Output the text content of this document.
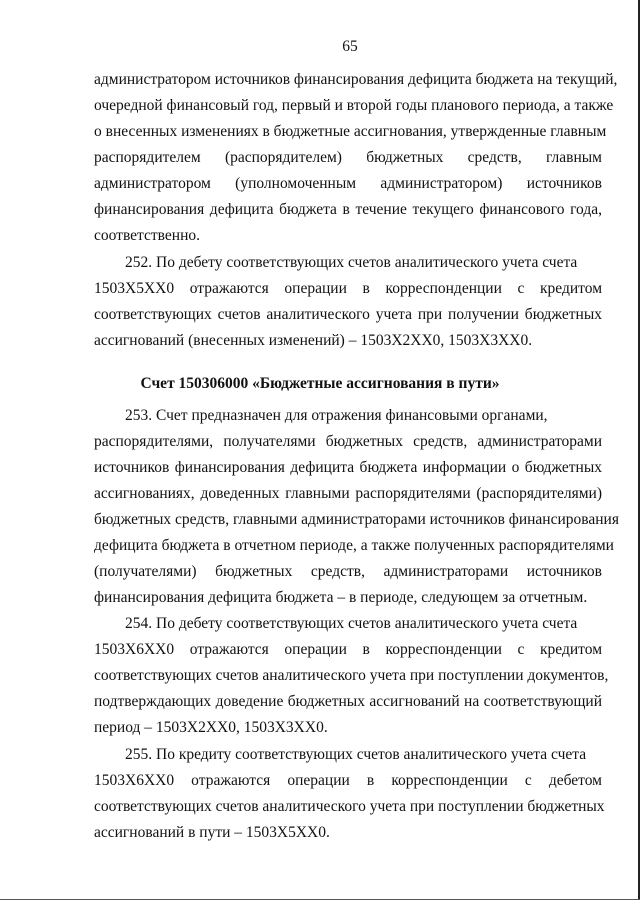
65
администратором источников финансирования дефицита бюджета на текущий,
очередной финансовый год, первый и второй годы планового периода, а также
о внесенных изменениях в бюджетные ассигнования, утвержденные главным
распорядителем (распорядителем) бюджетных средств, главным
администратором (уполномоченным администратором) источников
финансирования дефицита бюджета в течение текущего финансового года,
соответственно.
252. По дебету соответствующих счетов аналитического учета счета
1503Х5ХХ0 отражаются операции в корреспонденции с кредитом
соответствующих счетов аналитического учета при получении бюджетных
ассигнований (внесенных изменений) – 1503Х2ХХ0, 1503Х3ХХ0.
Счет 150306000 «Бюджетные ассигнования в пути»
253. Счет предназначен для отражения финансовыми органами,
распорядителями, получателями бюджетных средств, администраторами
источников финансирования дефицита бюджета информации о бюджетных
ассигнованиях, доведенных главными распорядителями (распорядителями)
бюджетных средств, главными администраторами источников финансирования
дефицита бюджета в отчетном периоде, а также полученных распорядителями
(получателями) бюджетных средств, администраторами источников
финансирования дефицита бюджета – в периоде, следующем за отчетным.
254. По дебету соответствующих счетов аналитического учета счета
1503Х6ХХ0 отражаются операции в корреспонденции с кредитом
соответствующих счетов аналитического учета при поступлении документов,
подтверждающих доведение бюджетных ассигнований на соответствующий
период – 1503Х2ХХ0, 1503Х3ХХ0.
255. По кредиту соответствующих счетов аналитического учета счета
1503Х6ХХ0 отражаются операции в корреспонденции с дебетом
соответствующих счетов аналитического учета при поступлении бюджетных
ассигнований в пути – 1503Х5ХХ0.
